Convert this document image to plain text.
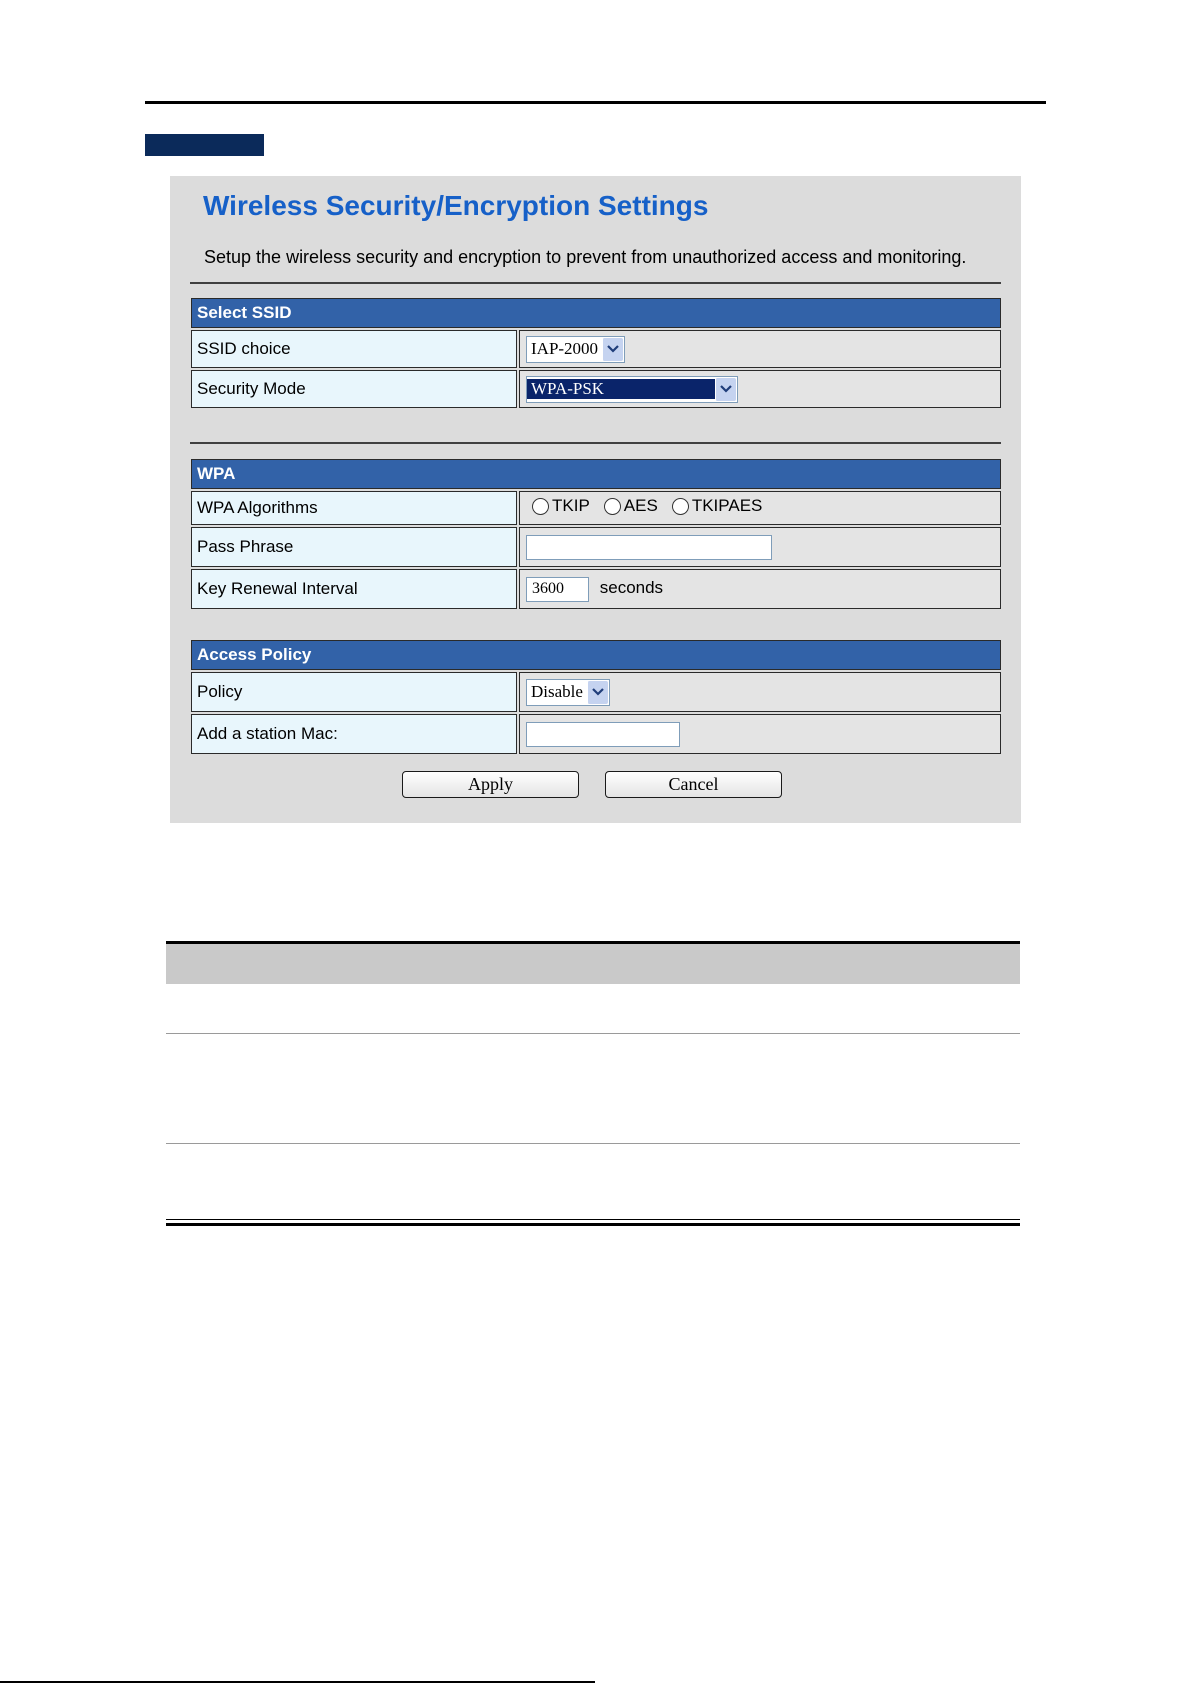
Wireless Security/Encryption Settings

Setup the wireless security and encryption to prevent from unauthorized access and monitoring.

Select SSID	
SSID choice	IAP-2000

Security Mode	WPA-PSK
WPA	
WPA Algorithms	TKIP AES TKIPAES

Pass Phrase	
Key Renewal Interval	3600seconds
Access Policy	
Policy	Disable

Add a station Mac:	
Apply	Cancel
